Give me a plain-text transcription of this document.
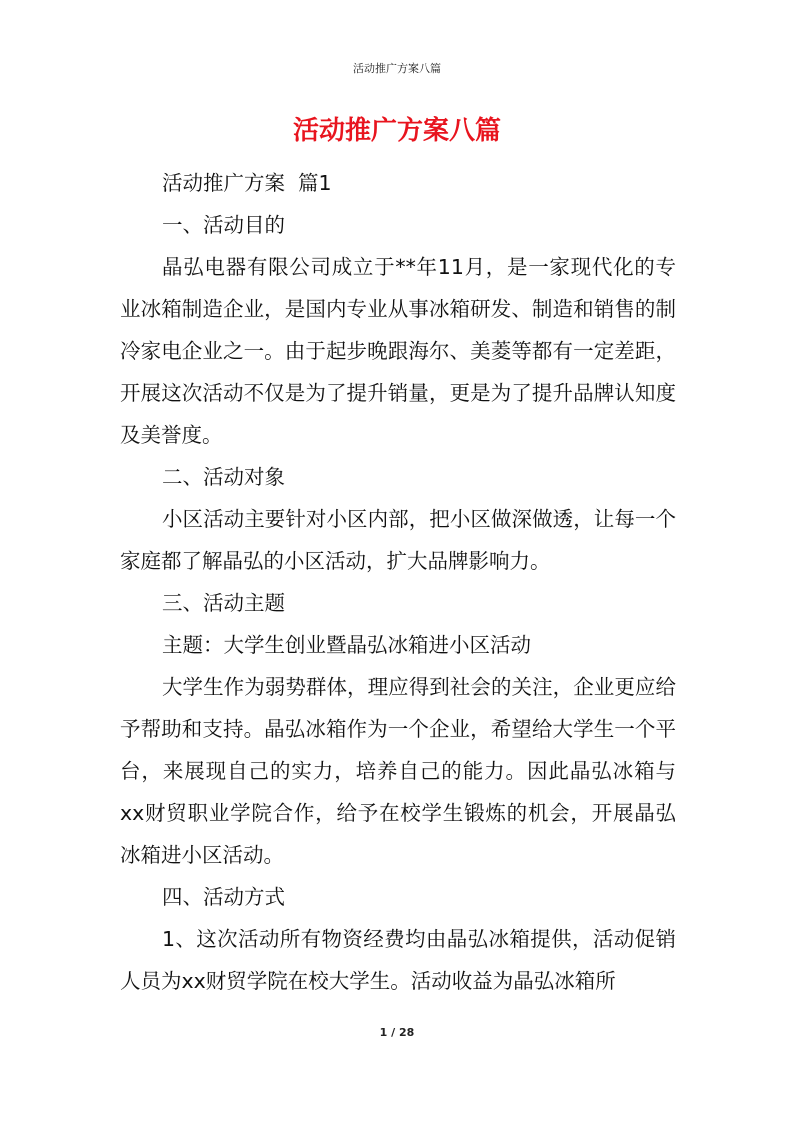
活动推广方案八篇
活动推广方案八篇

活动推广方案  篇1

一、活动目的

晶弘电器有限公司成立于**年11月，是一家现代化的专业冰箱制造企业，是国内专业从事冰箱研发、制造和销售的制冷家电企业之一。由于起步晚跟海尔、美菱等都有一定差距，开展这次活动不仅是为了提升销量，更是为了提升品牌认知度及美誉度。

二、活动对象

小区活动主要针对小区内部，把小区做深做透，让每一个家庭都了解晶弘的小区活动，扩大品牌影响力。

三、活动主题

主题：大学生创业暨晶弘冰箱进小区活动

大学生作为弱势群体，理应得到社会的关注，企业更应给予帮助和支持。晶弘冰箱作为一个企业，希望给大学生一个平台，来展现自己的实力，培养自己的能力。因此晶弘冰箱与xx财贸职业学院合作，给予在校学生锻炼的机会，开展晶弘冰箱进小区活动。

四、活动方式

1、这次活动所有物资经费均由晶弘冰箱提供，活动促销人员为xx财贸学院在校大学生。活动收益为晶弘冰箱所

1 / 28
